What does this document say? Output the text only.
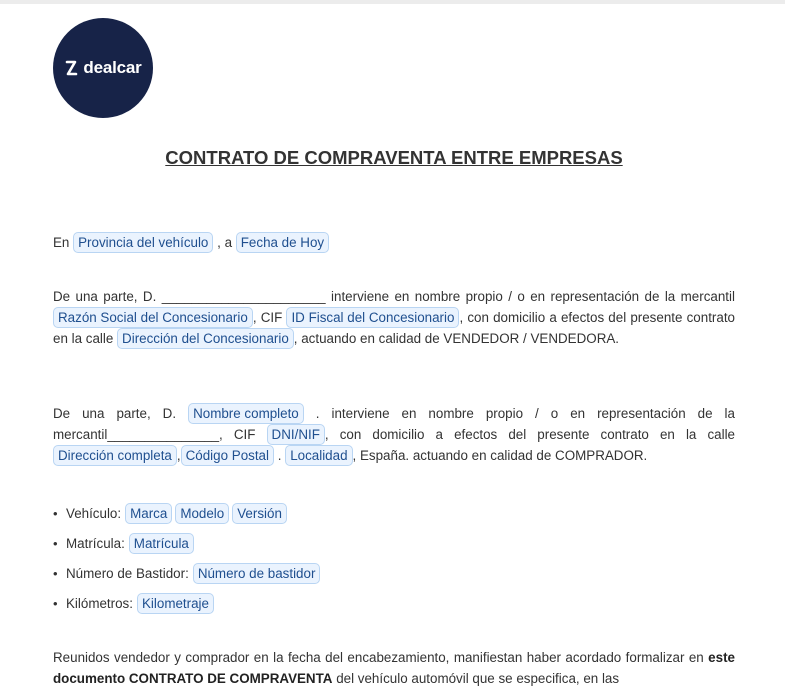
dealcar
CONTRATO DE COMPRAVENTA ENTRE EMPRESAS

En Provincia del vehículo , a Fecha de Hoy

De una parte, D. ______________________ interviene en nombre propio / o en representación de la mercantil Razón Social del Concesionario , CIF ID Fiscal del Concesionario , con domicilio a efectos del presente contrato en la calle Dirección del Concesionario , actuando en calidad de VENDEDOR / VENDEDORA.

De una parte, D. Nombre completo . interviene en nombre propio / o en representación de la mercantil_______________, CIF DNI/NIF , con domicilio a efectos del presente contrato en la calle Dirección completa , Código Postal . Localidad , España. actuando en calidad de COMPRADOR.

• Vehículo: Marca Modelo Versión
• Matrícula: Matrícula
• Número de Bastidor: Número de bastidor
• Kilómetros: Kilometraje

Reunidos vendedor y comprador en la fecha del encabezamiento, manifiestan haber acordado formalizar en este documento CONTRATO DE COMPRAVENTA del vehículo automóvil que se especifica, en las
